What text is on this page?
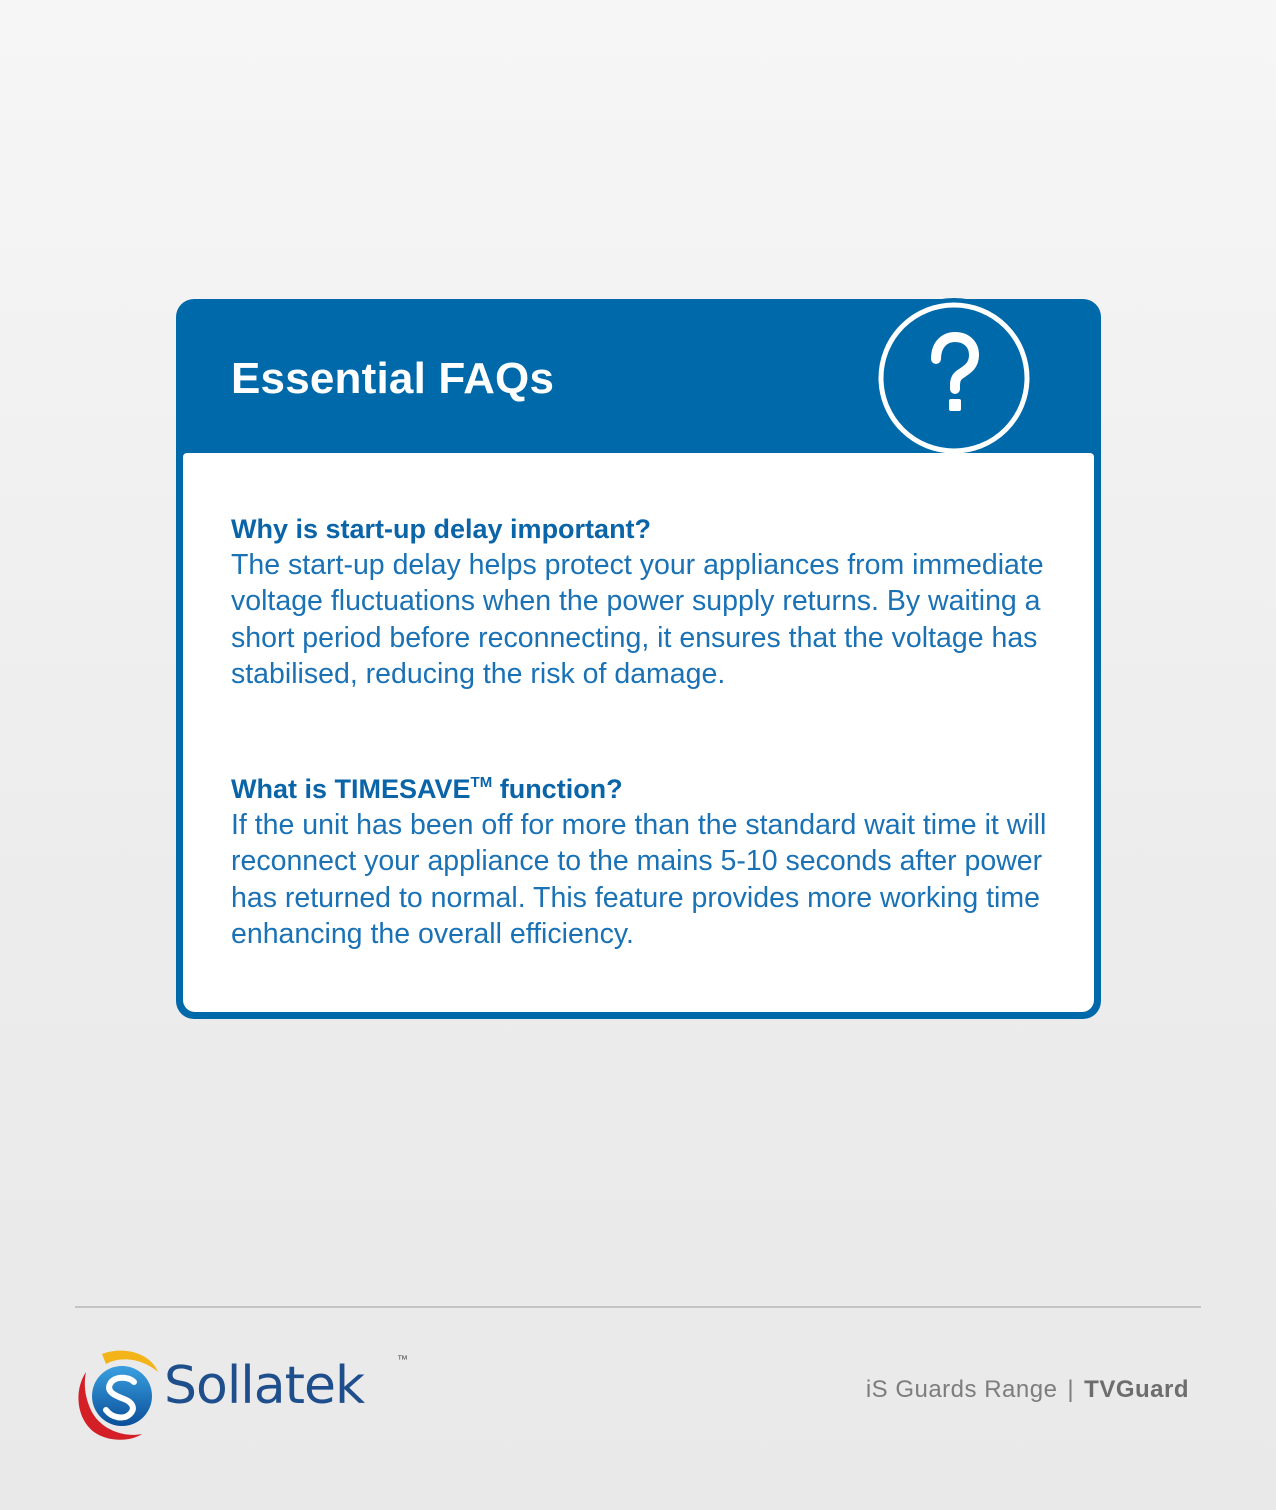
Essential FAQs

Why is start-up delay important?

The start-up delay helps protect your appliances from immediate voltage fluctuations when the power supply returns. By waiting a short period before reconnecting, it ensures that the voltage has stabilised, reducing the risk of damage.

What is TIMESAVE™ function?

If the unit has been off for more than the standard wait time it will reconnect your appliance to the mains 5-10 seconds after power has returned to normal. This feature provides more working time enhancing the overall efficiency.

Sollatek	™
iS Guards Range | TVGuard
